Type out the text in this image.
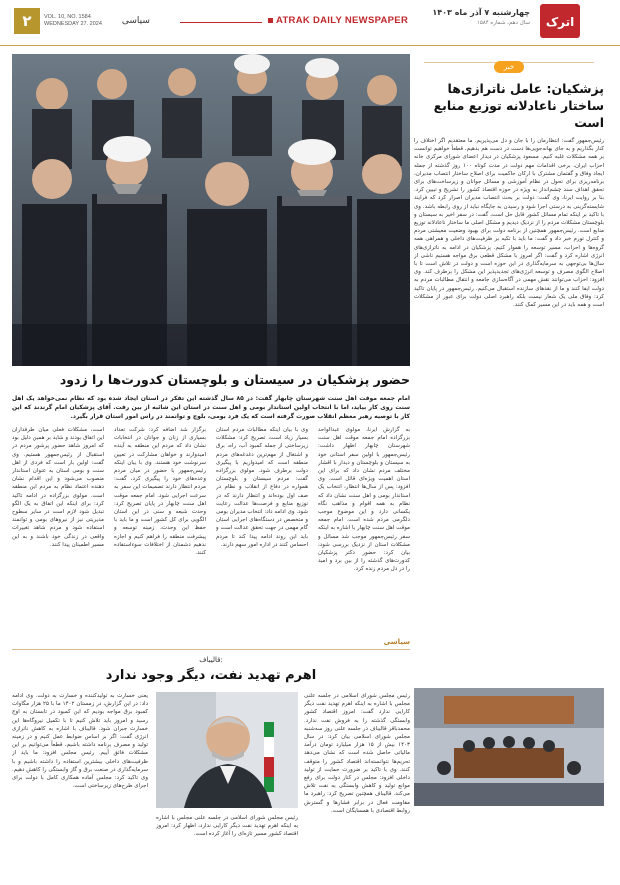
۲	VOL. 10, NO. 1584
WEDNESDAY 27. 2024 سیاسی	ATRAK DAILY NEWSPAPER
چهارشنبه ۷ آذر ماه ۱۴۰۳
سال دهم، شماره ۱۵۸۴ اترک
خبر
پزشکیان: عامل ناترازی‌ها ساختار ناعادلانه توزیع منابع است
رئیس‌جمهور گفت: انتظارمان را با جان و دل می‌پذیریم. ما معتقدیم اگر اختلاف را کنار بگذاریم و به جای بهانه‌جویی‌ها دست در دست هم بدهیم، قطعاً خواهیم توانست بر همه مشکلات غلبه کنیم. مسعود پزشکیان در دیدار اعضای شورای مرکزی خانه احزاب ایران، برخی اقدامات مهم دولت در مدت کوتاه ۱۰۰ روز گذشته از جمله ایجاد وفاق و گفتمان مشترک با ارکان حاکمیت برای اصلاح ساختار انتصاب مدیران، برنامه‌ریزی برای تحول در نظام آموزشی و مسائل جوانان و زیرساخت‌های برای تحقق اهداف سند چشم‌انداز به ویژه در حوزه اقتصاد کشور را تشریح و تبیین کرد. بنا بر روایت ایرنا، وی گفت: دولت بر بحث انتصاب مدیران اصرار کرد که فرایند شایسته‌گزینی به درستی اجرا شود و رسیدن به جایگاه نباید از روی رابطه باشد. وی با تاکید بر اینکه تمام مسائل کشور قابل حل است، گفت: در سفر اخیر به سیستان و بلوچستان مشکلات مردم را از نزدیک دیدیم و مشکل اصلی ما ساختار ناعادلانه توزیع منابع است. رئیس‌جمهور همچنین از برنامه دولت برای بهبود وضعیت معیشتی مردم و کنترل تورم خبر داد و گفت: ما باید با تکیه بر ظرفیت‌های داخلی و همراهی همه گروه‌ها و احزاب، مسیر توسعه را هموار کنیم. پزشکیان در ادامه به ناترازی‌های انرژی اشاره کرد و گفت: اگر امروز با مشکل قطعی برق مواجه هستیم ناشی از سال‌ها بی‌توجهی به سرمایه‌گذاری در این حوزه است و دولت در تلاش است تا با اصلاح الگوی مصرف و توسعه انرژی‌های تجدیدپذیر این مشکل را برطرف کند. وی افزود: احزاب می‌توانند نقش مهمی در آگاه‌سازی جامعه و انتقال مطالبات مردم به دولت ایفا کنند و ما از نقدهای سازنده استقبال می‌کنیم. رئیس‌جمهور در پایان تاکید کرد: وفاق ملی یک شعار نیست بلکه راهبرد اصلی دولت برای عبور از مشکلات است و همه باید در این مسیر کمک کنند.
حضور پزشکیان در سیستان و بلوچستان کدورت‌ها را زدود
امام جمعه موقت اهل سنت شهرستان چابهار گفت: در ۸۵ سال گذشته این تفکر در استان ایجاد شده بود که نظام نمی‌خواهد یک اهل سنت روی کار بیاید، اما با انتخاب اولین استاندار بومی و اهل سنت در استان این شائبه از بین رفت. آقای پزشکیان امام گرندند که این کار با توصیه رهبر معظم انقلاب صورت گرفته است که یک فرد بومی، بلوچ و توانمند در راس امور استان قرار بگیرد.
به گزارش ایرنا، مولوی عبدالواحد بزرگزاده امام جمعه موقت اهل سنت شهرستان چابهار اظهار داشت: رئیس‌جمهور با اولین سفر استانی خود به سیستان و بلوچستان و دیدار با اقشار مختلف مردم نشان داد که برای این استان اهمیت ویژه‌ای قائل است. وی افزود: پس از سال‌ها انتظار، انتخاب یک استاندار بومی و اهل سنت نشان داد که نظام به همه اقوام و مذاهب نگاه یکسانی دارد و این موضوع موجب دلگرمی مردم شده است. امام جمعه موقت اهل سنت چابهار با اشاره به اینکه سفر رئیس‌جمهور موجب شد مسائل و مشکلات استان از نزدیک بررسی شود، بیان کرد: حضور دکتر پزشکیان کدورت‌های گذشته را از بین برد و امید را در دل مردم زنده کرد.
وی با بیان اینکه مطالبات مردم استان بسیار زیاد است، تصریح کرد: مشکلات زیرساختی از جمله کمبود آب، راه، برق و اشتغال از مهم‌ترین دغدغه‌های مردم منطقه است که امیدواریم با پیگیری دولت برطرف شود. مولوی بزرگزاده گفت: مردم سیستان و بلوچستان همواره در دفاع از انقلاب و نظام در صف اول بوده‌اند و انتظار دارند که در توزیع منابع و فرصت‌ها عدالت رعایت شود. وی ادامه داد: انتخاب مدیران بومی و متخصص در دستگاه‌های اجرایی استان گام مهمی در جهت تحقق عدالت است و باید این روند ادامه پیدا کند تا مردم احساس کنند در اداره امور سهم دارند.
برگزار شد اضافه کرد: شرکت تعداد بسیاری از زنان و جوانان در انتخابات نشان داد که مردم این منطقه به آینده امیدوارند و خواهان مشارکت در تعیین سرنوشت خود هستند. وی با بیان اینکه رئیس‌جمهور با حضور در میان مردم وعده‌های خود را پیگیری کرد، گفت: مردم انتظار دارند تصمیمات این سفر به سرعت اجرایی شود. امام جمعه موقت اهل سنت چابهار در پایان تصریح کرد: وحدت شیعه و سنی در این استان الگویی برای کل کشور است و ما باید با حفظ این وحدت، زمینه توسعه و پیشرفت منطقه را فراهم کنیم و اجازه ندهیم دشمنان از اختلافات سوءاستفاده کنند.
است، مشکلات فعلی میان طرفداران این اتفاق بودند و شاید بر همین دلیل بود که امروز شاهد حضور پرشور مردم در استقبال از رئیس‌جمهور هستیم. وی گفت: اولین بار است که فردی از اهل سنت و بومی استان به عنوان استاندار منصوب می‌شود و این اقدام نشان دهنده اعتماد نظام به مردم این منطقه است. مولوی بزرگزاده در ادامه تاکید کرد: برای اینکه این اتفاق به یک الگو تبدیل شود لازم است در سایر سطوح مدیریتی نیز از نیروهای بومی و توانمند استفاده شود و مردم شاهد تغییرات واقعی در زندگی خود باشند و به این مسیر اطمینان پیدا کنند.
سیاسی
قالیباف:
اهرم تهدید نفت، دیگر وجود ندارد
رئیس مجلس شورای اسلامی در جلسه علنی مجلس با اشاره به اینکه اهرم تهدید نفت دیگر کارایی ندارد گفت: امروز اقتصاد کشور وابستگی گذشته را به فروش نفت ندارد. محمدباقر قالیباف در جلسه علنی روز سه‌شنبه مجلس شورای اسلامی بیان کرد: در سال ۱۴۰۳ بیش از ۱۵ هزار میلیارد تومان درآمد مالیاتی حاصل شده است که نشان می‌دهد تحریم‌ها نتوانسته‌اند اقتصاد کشور را متوقف کنند. وی با تاکید بر ضرورت حمایت از تولید داخلی افزود: مجلس در کنار دولت برای رفع موانع تولید و کاهش وابستگی به نفت تلاش می‌کند. قالیباف همچنین تصریح کرد: راهبرد ما مقاومت فعال در برابر فشارها و گسترش روابط اقتصادی با همسایگان است.
رئیس مجلس شورای اسلامی در جلسه علنی مجلس با اشاره به اینکه اهرم تهدید نفت دیگر کارایی ندارد، اظهار کرد: امروز اقتصاد کشور مسیر تازه‌ای را آغاز کرده است.
یعنی خسارت به تولیدکننده و خسارت به دولت. وی ادامه داد: در این گزارش، در زمستان ۱۴۰۲ ما با ۲۵ هزار مگاوات کمبود برق مواجه بودیم که این کمبود در تابستان به اوج رسید و امروز باید تلاش کنیم تا با تکمیل نیروگاه‌ها این خسارت جبران شود. قالیباف با اشاره به کاهش ناترازی انرژی گفت: اگر بر اساس ضوابط عمل کنیم و در زمینه تولید و مصرف برنامه داشته باشیم، قطعاً می‌توانیم بر این مشکلات فائق آییم. رئیس مجلس افزود: ما باید از ظرفیت‌های داخلی بیشترین استفاده را داشته باشیم و با سرمایه‌گذاری در صنعت برق و گاز وابستگی را کاهش دهیم. وی تاکید کرد: مجلس آماده همکاری کامل با دولت برای اجرای طرح‌های زیرساختی است.
